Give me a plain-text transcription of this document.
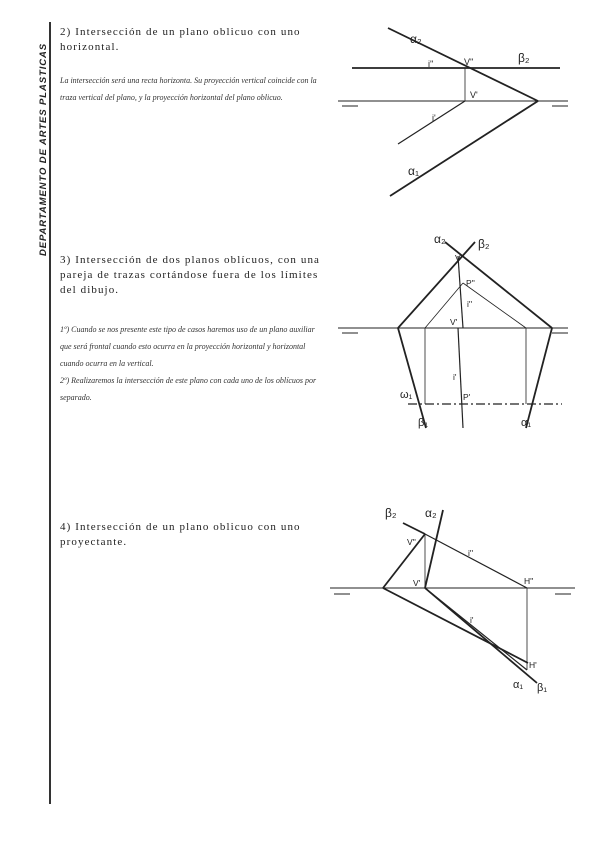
DEPARTAMENTO DE ARTES PLASTICAS
2) Intersección de un plano oblicuo con uno horizontal.
La intersección será una recta horizonta. Su proyección vertical coincide con la traza vertical del plano, y la proyección horizontal del plano oblicuo.
α₂
β₂
i''	V''
V'
i'
α₁
3) Intersección de dos planos oblícuos, con una pareja de trazas cortándose fuera de los límites del dibujo.

1º) Cuando se nos presente este tipo de casos haremos uso de un plano auxiliar que será frontal cuando esto ocurra en la proyección horizontal y horizontal cuando ocurra en la vertical.

2º) Realizaremos la intersección de este plano con cada uno de los oblícuos por separado.

α₂	β₂
V''
P''
i''
V'
i'
ω₁	P'
β₁	α₁
4) Intersección de un plano oblicuo con uno proyectante.
β₂ α₂
V''
i''
H''
V'
i'
H'
α₁ β₁
